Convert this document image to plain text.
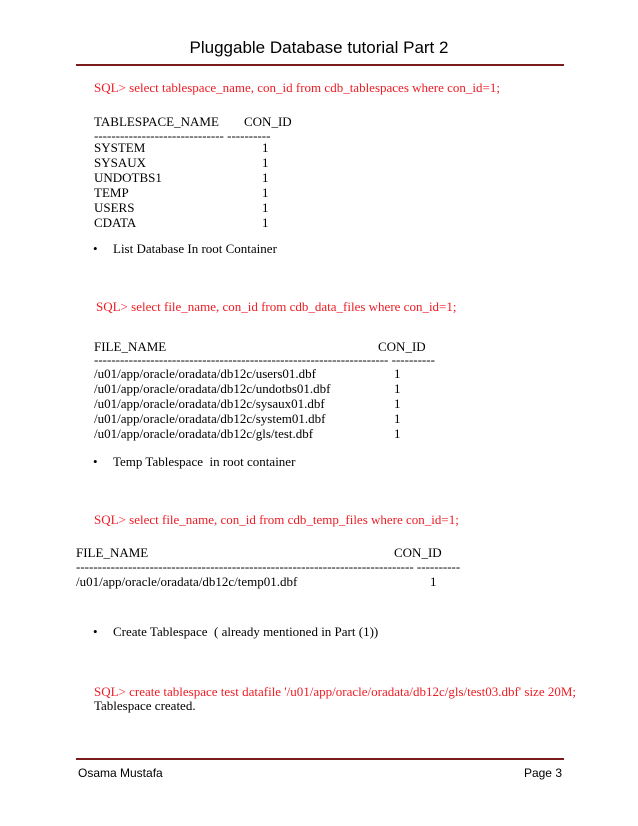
Pluggable Database tutorial Part 2
SQL> select tablespace_name, con_id from cdb_tablespaces where con_id=1;
TABLESPACE_NAME CON_ID
------------------------------ ----------
SYSTEM	1
SYSAUX	1
UNDOTBS1	1
TEMP	1
USERS	1
CDATA	1

•

List Database In root Container

SQL> select file_name, con_id from cdb_data_files where con_id=1;
FILE_NAME	CON_ID
-------------------------------------------------------------------- ----------
/u01/app/oracle/oradata/db12c/users01.dbf	1
/u01/app/oracle/oradata/db12c/undotbs01.dbf	1
/u01/app/oracle/oradata/db12c/sysaux01.dbf	1
/u01/app/oracle/oradata/db12c/system01.dbf	1
/u01/app/oracle/oradata/db12c/gls/test.dbf	1

•

Temp Tablespace  in root container

SQL> select file_name, con_id from cdb_temp_files where con_id=1;
FILE_NAME	CON_ID
------------------------------------------------------------------------------ ----------
/u01/app/oracle/oradata/db12c/temp01.dbf	1

•

Create Tablespace  ( already mentioned in Part (1))

SQL> create tablespace test datafile '/u01/app/oracle/oradata/db12c/gls/test03.dbf' size 20M;
Tablespace created.
Osama Mustafa	Page 3
